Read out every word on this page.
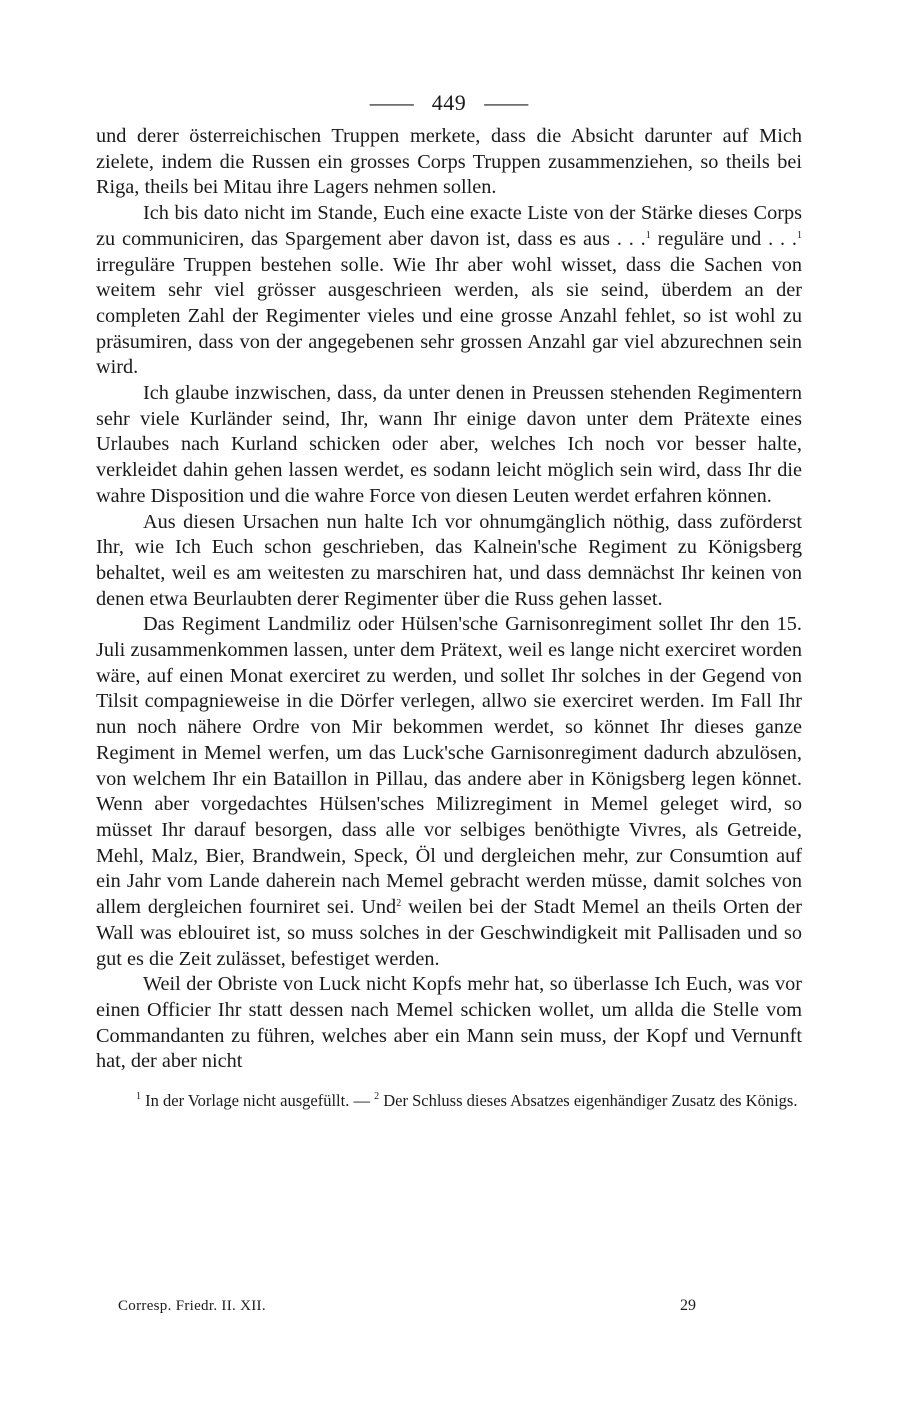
—— 449 ——

und derer österreichischen Truppen merkete, dass die Absicht darunter auf Mich zielete, indem die Russen ein grosses Corps Truppen zusammenziehen, so theils bei Riga, theils bei Mitau ihre Lagers nehmen sollen.

Ich bis dato nicht im Stande, Euch eine exacte Liste von der Stärke dieses Corps zu communiciren, das Spargement aber davon ist, dass es aus . . .$^1$ reguläre und . . .$^1$ irreguläre Truppen bestehen solle. Wie Ihr aber wohl wisset, dass die Sachen von weitem sehr viel grösser ausgeschrieen werden, als sie seind, überdem an der completen Zahl der Regimenter vieles und eine grosse Anzahl fehlet, so ist wohl zu präsumiren, dass von der angegebenen sehr grossen Anzahl gar viel abzurechnen sein wird.

Ich glaube inzwischen, dass, da unter denen in Preussen stehenden Regimentern sehr viele Kurländer seind, Ihr, wann Ihr einige davon unter dem Prätexte eines Urlaubes nach Kurland schicken oder aber, welches Ich noch vor besser halte, verkleidet dahin gehen lassen werdet, es sodann leicht möglich sein wird, dass Ihr die wahre Disposition und die wahre Force von diesen Leuten werdet erfahren können.

Aus diesen Ursachen nun halte Ich vor ohnumgänglich nöthig, dass zuförderst Ihr, wie Ich Euch schon geschrieben, das Kalnein'sche Regiment zu Königsberg behaltet, weil es am weitesten zu marschiren hat, und dass demnächst Ihr keinen von denen etwa Beurlaubten derer Regimenter über die Russ gehen lasset.

Das Regiment Landmiliz oder Hülsen'sche Garnisonregiment sollet Ihr den 15. Juli zusammenkommen lassen, unter dem Prätext, weil es lange nicht exerciret worden wäre, auf einen Monat exerciret zu werden, und sollet Ihr solches in der Gegend von Tilsit compagnieweise in die Dörfer verlegen, allwo sie exerciret werden. Im Fall Ihr nun noch nähere Ordre von Mir bekommen werdet, so könnet Ihr dieses ganze Regiment in Memel werfen, um das Luck'sche Garnisonregiment dadurch abzulösen, von welchem Ihr ein Bataillon in Pillau, das andere aber in Königsberg legen könnet. Wenn aber vorgedachtes Hülsen'sches Milizregiment in Memel geleget wird, so müsset Ihr darauf besorgen, dass alle vor selbiges benöthigte Vivres, als Getreide, Mehl, Malz, Bier, Brandwein, Speck, Öl und dergleichen mehr, zur Consumtion auf ein Jahr vom Lande daherein nach Memel gebracht werden müsse, damit solches von allem dergleichen fourniret sei. Und$^2$ weilen bei der Stadt Memel an theils Orten der Wall was eblouiret ist, so muss solches in der Geschwindigkeit mit Pallisaden und so gut es die Zeit zulässet, befestiget werden.

Weil der Obriste von Luck nicht Kopfs mehr hat, so überlasse Ich Euch, was vor einen Officier Ihr statt dessen nach Memel schicken wollet, um allda die Stelle vom Commandanten zu führen, welches aber ein Mann sein muss, der Kopf und Vernunft hat, der aber nicht

$^1$ In der Vorlage nicht ausgefüllt. — $^2$ Der Schluss dieses Absatzes eigenhändiger Zusatz des Königs.
Corresp. Friedr. II. XII.	29
